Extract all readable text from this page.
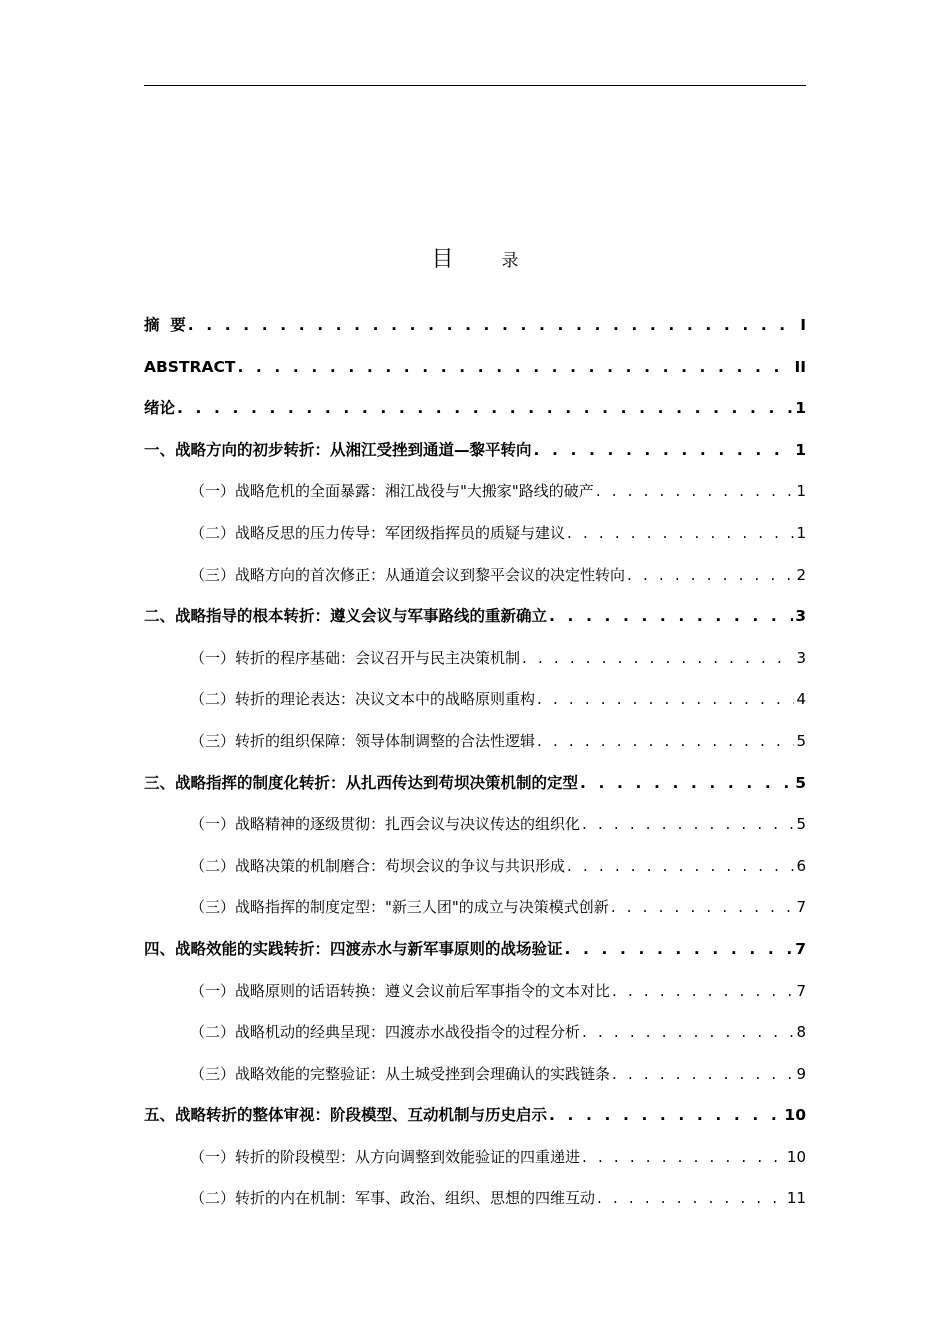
目录
摘  要 . . .	I
ABSTRACT . . .	II
绪论 . . .	1
一、战略方向的初步转折：从湘江受挫到通道—黎平转向 . . .	1
（一）战略危机的全面暴露：湘江战役与"大搬家"路线的破产 . . .	1
（二）战略反思的压力传导：军团级指挥员的质疑与建议 . . .	1
（三）战略方向的首次修正：从通道会议到黎平会议的决定性转向 . . .	2
二、战略指导的根本转折：遵义会议与军事路线的重新确立 . . .	3
（一）转折的程序基础：会议召开与民主决策机制 . . .	3
（二）转折的理论表达：决议文本中的战略原则重构 . . .	4
（三）转折的组织保障：领导体制调整的合法性逻辑 . . .	5
三、战略指挥的制度化转折：从扎西传达到苟坝决策机制的定型 . . .	5
（一）战略精神的逐级贯彻：扎西会议与决议传达的组织化 . . .	5
（二）战略决策的机制磨合：苟坝会议的争议与共识形成 . . .	6
（三）战略指挥的制度定型："新三人团"的成立与决策模式创新 . . .	7
四、战略效能的实践转折：四渡赤水与新军事原则的战场验证 . . .	7
（一）战略原则的话语转换：遵义会议前后军事指令的文本对比 . . .	7
（二）战略机动的经典呈现：四渡赤水战役指令的过程分析 . . .	8
（三）战略效能的完整验证：从土城受挫到会理确认的实践链条 . . .	9
五、战略转折的整体审视：阶段模型、互动机制与历史启示 . . .	10
（一）转折的阶段模型：从方向调整到效能验证的四重递进 . . .	10
（二）转折的内在机制：军事、政治、组织、思想的四维互动 . . .	11
